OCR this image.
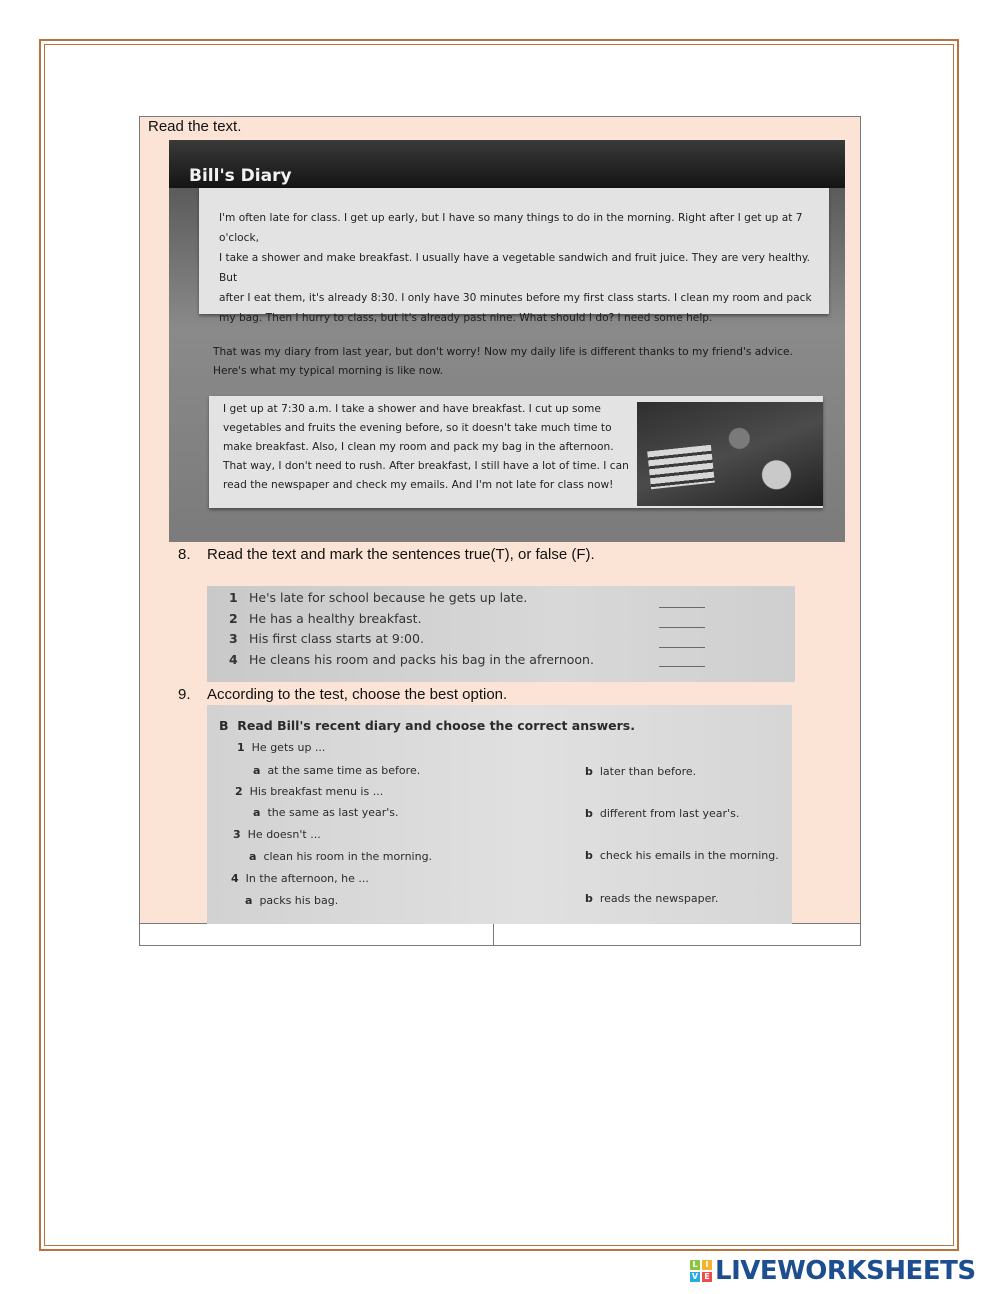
Read the text.
Bill's Diary
I'm often late for class. I get up early, but I have so many things to do in the morning. Right after I get up at 7 o'clock,
I take a shower and make breakfast. I usually have a vegetable sandwich and fruit juice. They are very healthy. But
after I eat them, it's already 8:30. I only have 30 minutes before my first class starts. I clean my room and pack
my bag. Then I hurry to class, but it's already past nine. What should I do? I need some help.
That was my diary from last year, but don't worry! Now my daily life is different thanks to my friend's advice. Here's what my typical morning is like now.
I get up at 7:30 a.m. I take a shower and have breakfast. I cut up some
vegetables and fruits the evening before, so it doesn't take much time to
make breakfast. Also, I clean my room and pack my bag in the afternoon.
That way, I don't need to rush. After breakfast, I still have a lot of time. I can
read the newspaper and check my emails. And I'm not late for class now!
8. Read the text and mark the sentences true(T), or false (F).
1 He's late for school because he gets up late.
2 He has a healthy breakfast.
3 His first class starts at 9:00.
4 He cleans his room and packs his bag in the afrernoon.
9. According to the test, choose the best option.
B Read Bill's recent diary and choose the correct answers.
1 He gets up ...
a at the same time as before.	b later than before.
2 His breakfast menu is ...
a the same as last year's.	b different from last year's.
3 He doesn't ...
a clean his room in the morning.	b check his emails in the morning.
4 In the afternoon, he ...
a packs his bag.	b reads the newspaper.
L I
V E LIVEWORKSHEETS
